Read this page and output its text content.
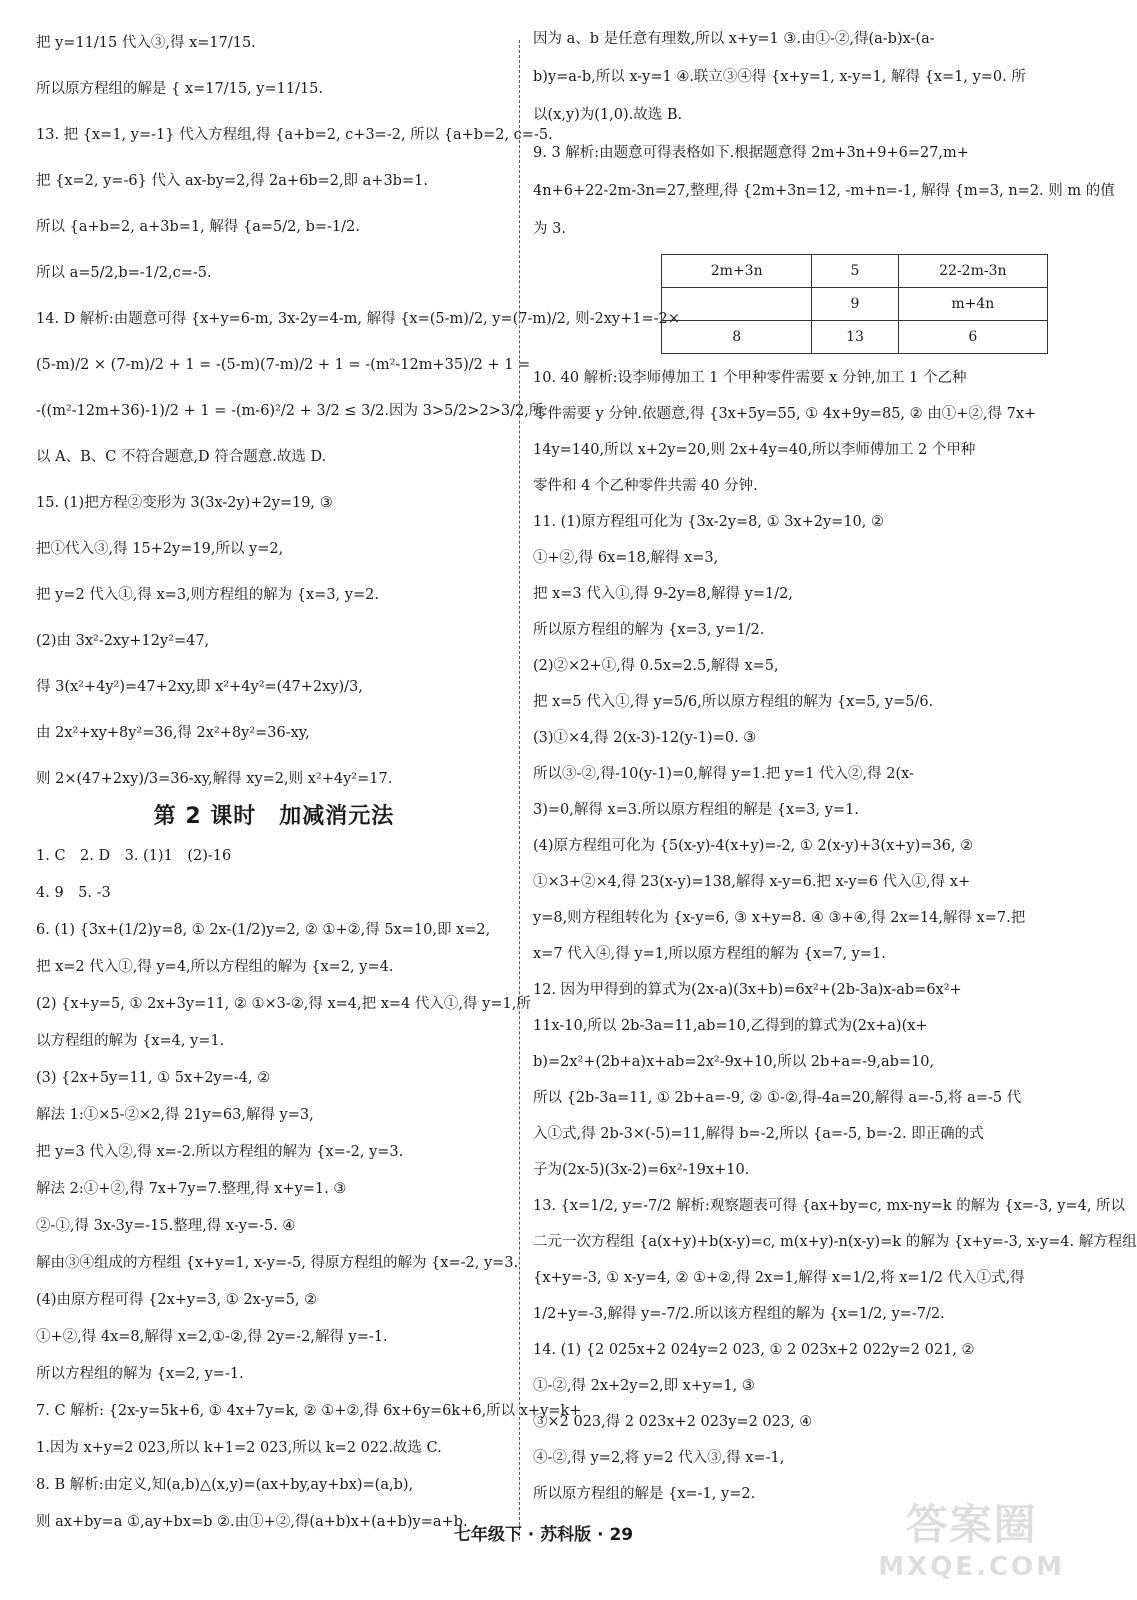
把 y=11/15 代入③,得 x=17/15.
所以原方程组的解是 { x=17/15, y=11/15.
13. 把 {x=1, y=-1} 代入方程组,得 {a+b=2, c+3=-2, 所以 {a+b=2, c=-5.
把 {x=2, y=-6} 代入 ax-by=2,得 2a+6b=2,即 a+3b=1.
所以 {a+b=2, a+3b=1, 解得 {a=5/2, b=-1/2.
所以 a=5/2,b=-1/2,c=-5.
14. D 解析:由题意可得 {x+y=6-m, 3x-2y=4-m, 解得 {x=(5-m)/2, y=(7-m)/2, 则-2xy+1=-2×
(5-m)/2 × (7-m)/2 + 1 = -(5-m)(7-m)/2 + 1 = -(m²-12m+35)/2 + 1 =
-((m²-12m+36)-1)/2 + 1 = -(m-6)²/2 + 3/2 ≤ 3/2.因为 3>5/2>2>3/2,所
以 A、B、C 不符合题意,D 符合题意.故选 D.
15. (1)把方程②变形为 3(3x-2y)+2y=19, ③
把①代入③,得 15+2y=19,所以 y=2,
把 y=2 代入①,得 x=3,则方程组的解为 {x=3, y=2.
(2)由 3x²-2xy+12y²=47,
得 3(x²+4y²)=47+2xy,即 x²+4y²=(47+2xy)/3,
由 2x²+xy+8y²=36,得 2x²+8y²=36-xy,
则 2×(47+2xy)/3=36-xy,解得 xy=2,则 x²+4y²=17.
第 2 课时　加减消元法
1. C　2. D　3. (1)1　(2)-16
4. 9　5. -3
6. (1) {3x+(1/2)y=8, ① 2x-(1/2)y=2, ② ①+②,得 5x=10,即 x=2,
把 x=2 代入①,得 y=4,所以方程组的解为 {x=2, y=4.
(2) {x+y=5, ① 2x+3y=11, ② ①×3-②,得 x=4,把 x=4 代入①,得 y=1,所
以方程组的解为 {x=4, y=1.
(3) {2x+5y=11, ① 5x+2y=-4, ②
解法 1:①×5-②×2,得 21y=63,解得 y=3,
把 y=3 代入②,得 x=-2.所以方程组的解为 {x=-2, y=3.
解法 2:①+②,得 7x+7y=7.整理,得 x+y=1. ③
②-①,得 3x-3y=-15.整理,得 x-y=-5. ④
解由③④组成的方程组 {x+y=1, x-y=-5, 得原方程组的解为 {x=-2, y=3.
(4)由原方程可得 {2x+y=3, ① 2x-y=5, ②
①+②,得 4x=8,解得 x=2,①-②,得 2y=-2,解得 y=-1.
所以方程组的解为 {x=2, y=-1.
7. C 解析: {2x-y=5k+6, ① 4x+7y=k, ② ①+②,得 6x+6y=6k+6,所以 x+y=k+
1.因为 x+y=2 023,所以 k+1=2 023,所以 k=2 022.故选 C.
8. B 解析:由定义,知(a,b)△(x,y)=(ax+by,ay+bx)=(a,b),
则 ax+by=a ①,ay+bx=b ②.由①+②,得(a+b)x+(a+b)y=a+b.
因为 a、b 是任意有理数,所以 x+y=1 ③.由①-②,得(a-b)x-(a-
b)y=a-b,所以 x-y=1 ④.联立③④得 {x+y=1, x-y=1, 解得 {x=1, y=0. 所
以(x,y)为(1,0).故选 B.
9. 3 解析:由题意可得表格如下.根据题意得 2m+3n+9+6=27,m+
4n+6+22-2m-3n=27,整理,得 {2m+3n=12, -m+n=-1, 解得 {m=3, n=2. 则 m 的值
为 3.
2m+3n	5	22-2m-3n
	9	m+4n
8	13	6
10. 40 解析:设李师傅加工 1 个甲种零件需要 x 分钟,加工 1 个乙种
零件需要 y 分钟.依题意,得 {3x+5y=55, ① 4x+9y=85, ② 由①+②,得 7x+
14y=140,所以 x+2y=20,则 2x+4y=40,所以李师傅加工 2 个甲种
零件和 4 个乙种零件共需 40 分钟.
11. (1)原方程组可化为 {3x-2y=8, ① 3x+2y=10, ②
①+②,得 6x=18,解得 x=3,
把 x=3 代入①,得 9-2y=8,解得 y=1/2,
所以原方程组的解为 {x=3, y=1/2.
(2)②×2+①,得 0.5x=2.5,解得 x=5,
把 x=5 代入①,得 y=5/6,所以原方程组的解为 {x=5, y=5/6.
(3)①×4,得 2(x-3)-12(y-1)=0. ③
所以③-②,得-10(y-1)=0,解得 y=1.把 y=1 代入②,得 2(x-
3)=0,解得 x=3.所以原方程组的解是 {x=3, y=1.
(4)原方程组可化为 {5(x-y)-4(x+y)=-2, ① 2(x-y)+3(x+y)=36, ②
①×3+②×4,得 23(x-y)=138,解得 x-y=6.把 x-y=6 代入①,得 x+
y=8,则方程组转化为 {x-y=6, ③ x+y=8. ④ ③+④,得 2x=14,解得 x=7.把
x=7 代入④,得 y=1,所以原方程组的解为 {x=7, y=1.
12. 因为甲得到的算式为(2x-a)(3x+b)=6x²+(2b-3a)x-ab=6x²+
11x-10,所以 2b-3a=11,ab=10,乙得到的算式为(2x+a)(x+
b)=2x²+(2b+a)x+ab=2x²-9x+10,所以 2b+a=-9,ab=10,
所以 {2b-3a=11, ① 2b+a=-9, ② ①-②,得-4a=20,解得 a=-5,将 a=-5 代
入①式,得 2b-3×(-5)=11,解得 b=-2,所以 {a=-5, b=-2. 即正确的式
子为(2x-5)(3x-2)=6x²-19x+10.
13. {x=1/2, y=-7/2 解析:观察题表可得 {ax+by=c, mx-ny=k 的解为 {x=-3, y=4, 所以
二元一次方程组 {a(x+y)+b(x-y)=c, m(x+y)-n(x-y)=k 的解为 {x+y=-3, x-y=4. 解方程组
{x+y=-3, ① x-y=4, ② ①+②,得 2x=1,解得 x=1/2,将 x=1/2 代入①式,得
1/2+y=-3,解得 y=-7/2.所以该方程组的解为 {x=1/2, y=-7/2.
14. (1) {2 025x+2 024y=2 023, ① 2 023x+2 022y=2 021, ②
①-②,得 2x+2y=2,即 x+y=1, ③
③×2 023,得 2 023x+2 023y=2 023, ④
④-②,得 y=2,将 y=2 代入③,得 x=-1,
所以原方程组的解是 {x=-1, y=2.
七年级下 · 苏科版 · 29	答案圈
MXQE.COM
